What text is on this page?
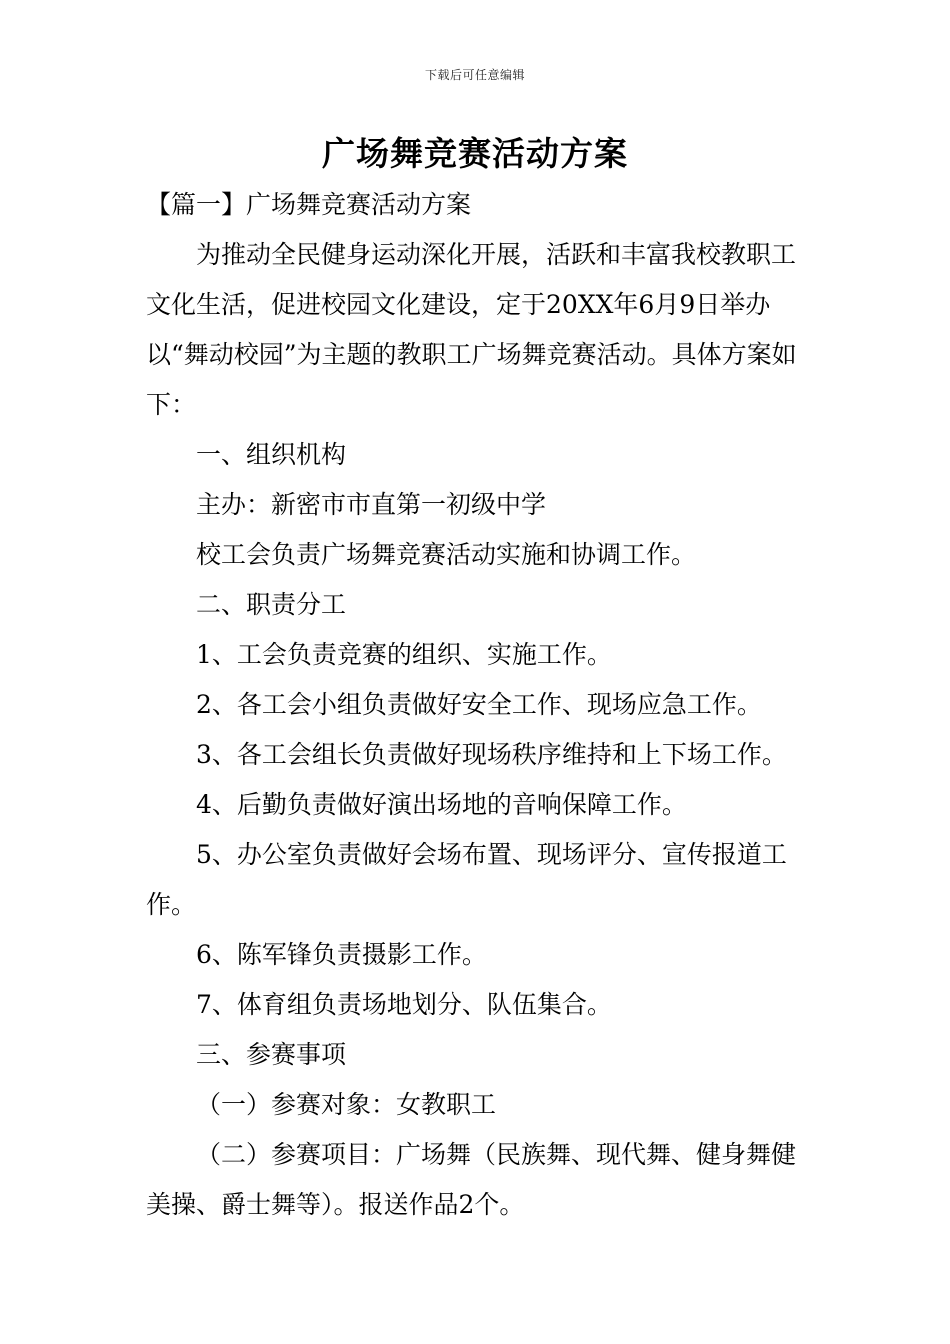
下载后可任意编辑
广场舞竞赛活动方案

【篇一】广场舞竞赛活动方案

为推动全民健身运动深化开展，活跃和丰富我校教职工文化生活，促进校园文化建设，定于20XX年6月9日举办以“舞动校园”为主题的教职工广场舞竞赛活动。具体方案如下：

一、组织机构

主办：新密市市直第一初级中学

校工会负责广场舞竞赛活动实施和协调工作。

二、职责分工

1、工会负责竞赛的组织、实施工作。

2、各工会小组负责做好安全工作、现场应急工作。

3、各工会组长负责做好现场秩序维持和上下场工作。

4、后勤负责做好演出场地的音响保障工作。

5、办公室负责做好会场布置、现场评分、宣传报道工作。

6、陈军锋负责摄影工作。

7、体育组负责场地划分、队伍集合。

三、参赛事项

（一）参赛对象：女教职工

（二）参赛项目：广场舞（民族舞、现代舞、健身舞健美操、爵士舞等）。报送作品2个。
